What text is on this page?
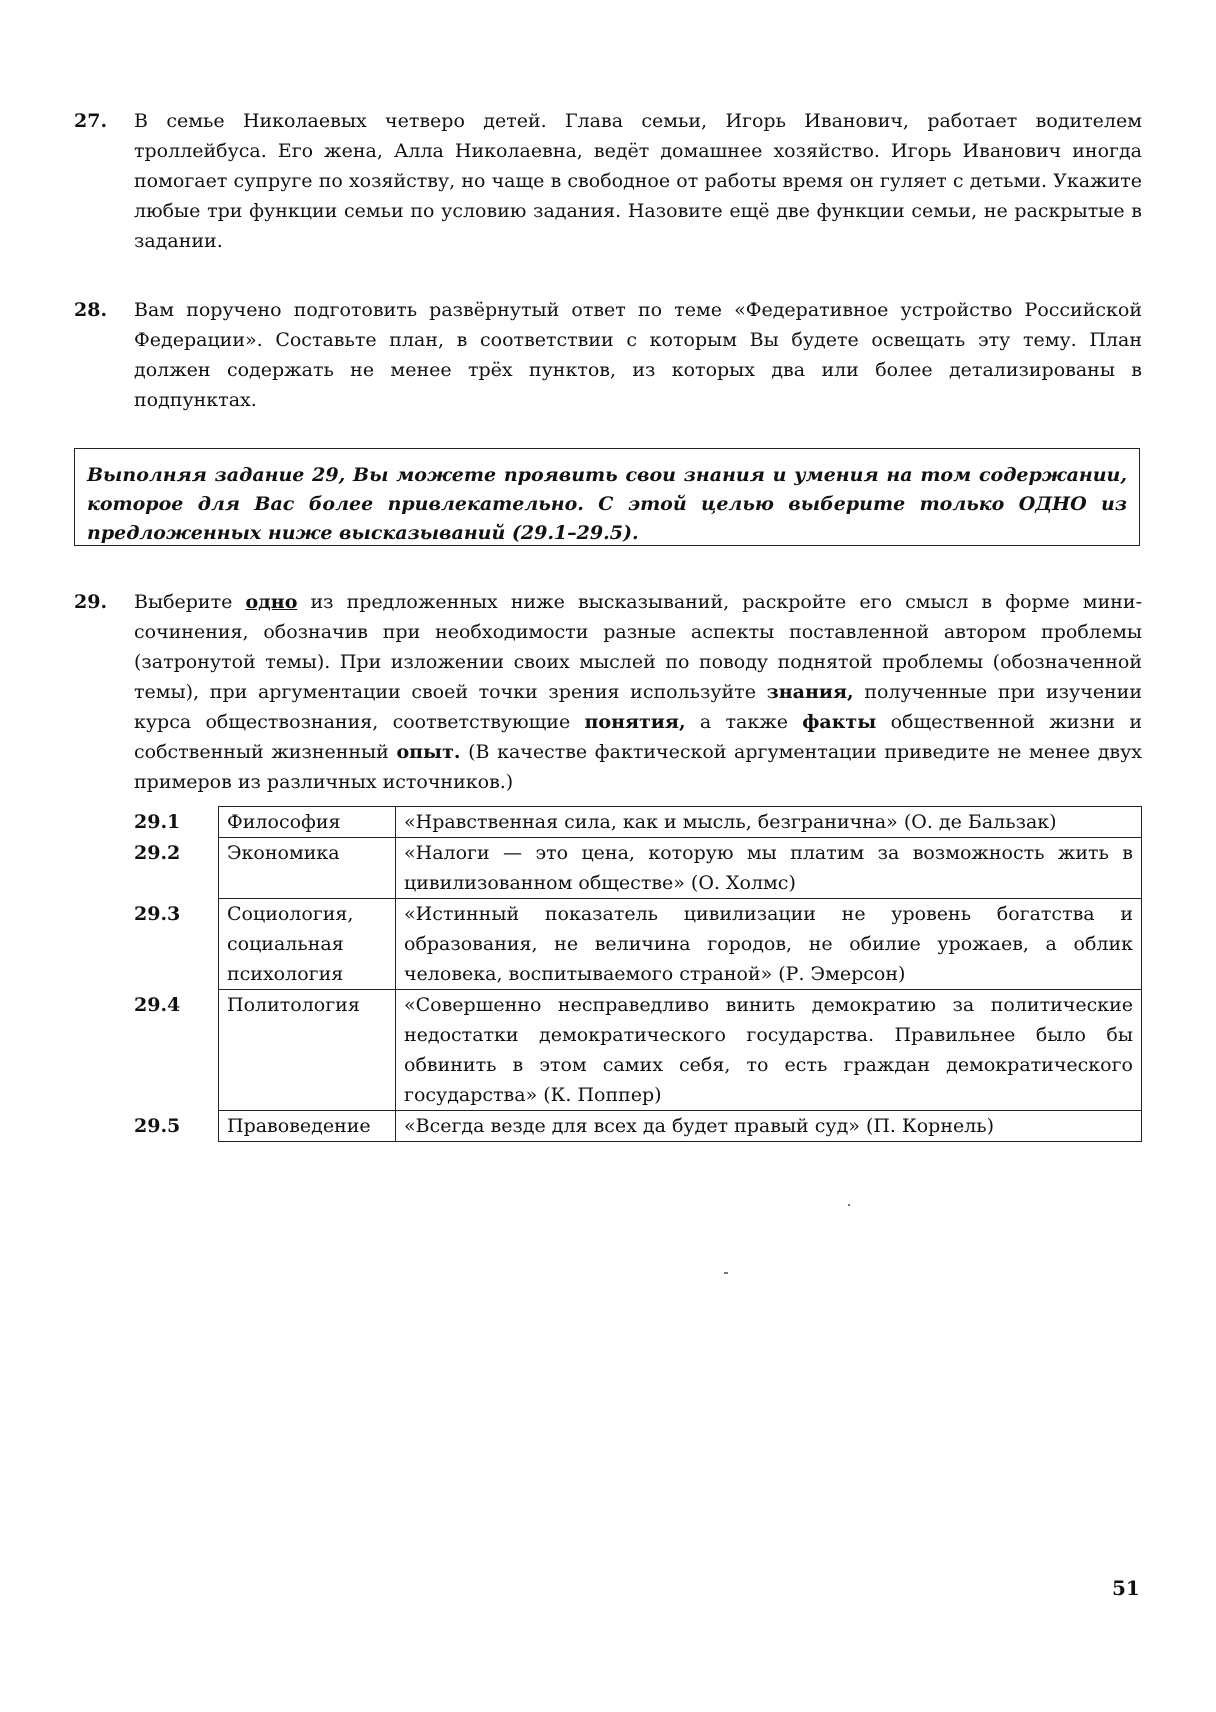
27. В семье Николаевых четверо детей. Глава семьи, Игорь Иванович, работает водителем троллейбуса. Его жена, Алла Николаевна, ведёт домашнее хозяйство. Игорь Иванович иногда помогает супруге по хозяйству, но чаще в свободное от работы время он гуляет с детьми. Укажите любые три функции семьи по условию задания. Назовите ещё две функции семьи, не раскрытые в задании.
28. Вам поручено подготовить развёрнутый ответ по теме «Федеративное устройство Российской Федерации». Составьте план, в соответствии с которым Вы будете освещать эту тему. План должен содержать не менее трёх пунктов, из которых два или более детализированы в подпунктах.
Выполняя задание 29, Вы можете проявить свои знания и умения на том содержании, которое для Вас более привлекательно. С этой целью выберите только ОДНО из предложенных ниже высказываний (29.1–29.5).
29. Выберите одно из предложенных ниже высказываний, раскройте его смысл в форме мини-сочинения, обозначив при необходимости разные аспекты поставленной автором проблемы (затронутой темы). При изложении своих мыслей по поводу поднятой проблемы (обозначенной темы), при аргументации своей точки зрения используйте знания, полученные при изучении курса обществознания, соответствующие понятия, а также факты общественной жизни и собственный жизненный опыт. (В качестве фактической аргументации приведите не менее двух примеров из различных источников.)
29.1	Философия	«Нравственная сила, как и мысль, безгранична» (О. де Бальзак)
29.2	Экономика	«Налоги — это цена, которую мы платим за возможность жить в цивилизованном обществе» (О. Холмс)
29.3	Социология, социальная психология	«Истинный показатель цивилизации не уровень богатства и образования, не величина городов, не обилие урожаев, а облик человека, воспитываемого страной» (Р. Эмерсон)
29.4	Политология	«Совершенно несправедливо винить демократию за политические недостатки демократического государства. Правильнее было бы обвинить в этом самих себя, то есть граждан демократического государства» (К. Поппер)
29.5	Правоведение	«Всегда везде для всех да будет правый суд» (П. Корнель)
51
